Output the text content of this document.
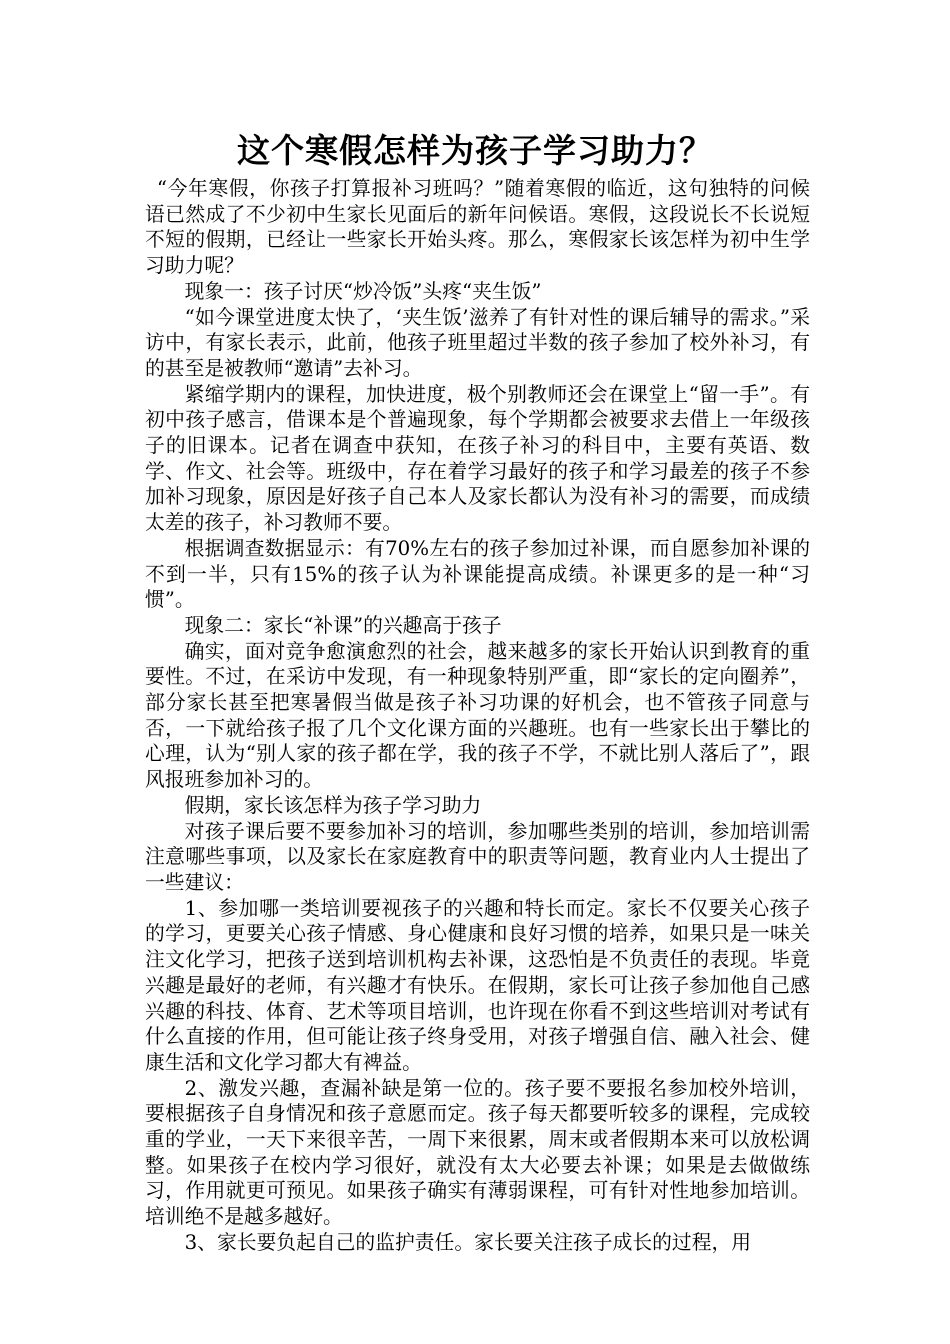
这个寒假怎样为孩子学习助力？

“今年寒假，你孩子打算报补习班吗？”随着寒假的临近，这句独特的问候语已然成了不少初中生家长见面后的新年问候语。寒假，这段说长不长说短不短的假期，已经让一些家长开始头疼。那么，寒假家长该怎样为初中生学习助力呢？

现象一：孩子讨厌“炒冷饭”头疼“夹生饭”

“如今课堂进度太快了，‘夹生饭’滋养了有针对性的课后辅导的需求。”采访中，有家长表示，此前，他孩子班里超过半数的孩子参加了校外补习，有的甚至是被教师“邀请”去补习。

紧缩学期内的课程，加快进度，极个别教师还会在课堂上“留一手”。有初中孩子感言，借课本是个普遍现象，每个学期都会被要求去借上一年级孩子的旧课本。记者在调查中获知，在孩子补习的科目中，主要有英语、数学、作文、社会等。班级中，存在着学习最好的孩子和学习最差的孩子不参加补习现象，原因是好孩子自己本人及家长都认为没有补习的需要，而成绩太差的孩子，补习教师不要。

根据调查数据显示：有70%左右的孩子参加过补课，而自愿参加补课的不到一半，只有15%的孩子认为补课能提高成绩。补课更多的是一种“习惯”。

现象二：家长“补课”的兴趣高于孩子

确实，面对竞争愈演愈烈的社会，越来越多的家长开始认识到教育的重要性。不过，在采访中发现，有一种现象特别严重，即“家长的定向圈养”，部分家长甚至把寒暑假当做是孩子补习功课的好机会，也不管孩子同意与否，一下就给孩子报了几个文化课方面的兴趣班。也有一些家长出于攀比的心理，认为“别人家的孩子都在学，我的孩子不学，不就比别人落后了”，跟风报班参加补习的。

假期，家长该怎样为孩子学习助力

对孩子课后要不要参加补习的培训，参加哪些类别的培训，参加培训需注意哪些事项，以及家长在家庭教育中的职责等问题，教育业内人士提出了一些建议：

1、参加哪一类培训要视孩子的兴趣和特长而定。家长不仅要关心孩子的学习，更要关心孩子情感、身心健康和良好习惯的培养，如果只是一味关注文化学习，把孩子送到培训机构去补课，这恐怕是不负责任的表现。毕竟兴趣是最好的老师，有兴趣才有快乐。在假期，家长可让孩子参加他自己感兴趣的科技、体育、艺术等项目培训，也许现在你看不到这些培训对考试有什么直接的作用，但可能让孩子终身受用，对孩子增强自信、融入社会、健康生活和文化学习都大有裨益。

2、激发兴趣，查漏补缺是第一位的。孩子要不要报名参加校外培训，要根据孩子自身情况和孩子意愿而定。孩子每天都要听较多的课程，完成较重的学业，一天下来很辛苦，一周下来很累，周末或者假期本来可以放松调整。如果孩子在校内学习很好，就没有太大必要去补课；如果是去做做练习，作用就更可预见。如果孩子确实有薄弱课程，可有针对性地参加培训。培训绝不是越多越好。

3、家长要负起自己的监护责任。家长要关注孩子成长的过程，用
